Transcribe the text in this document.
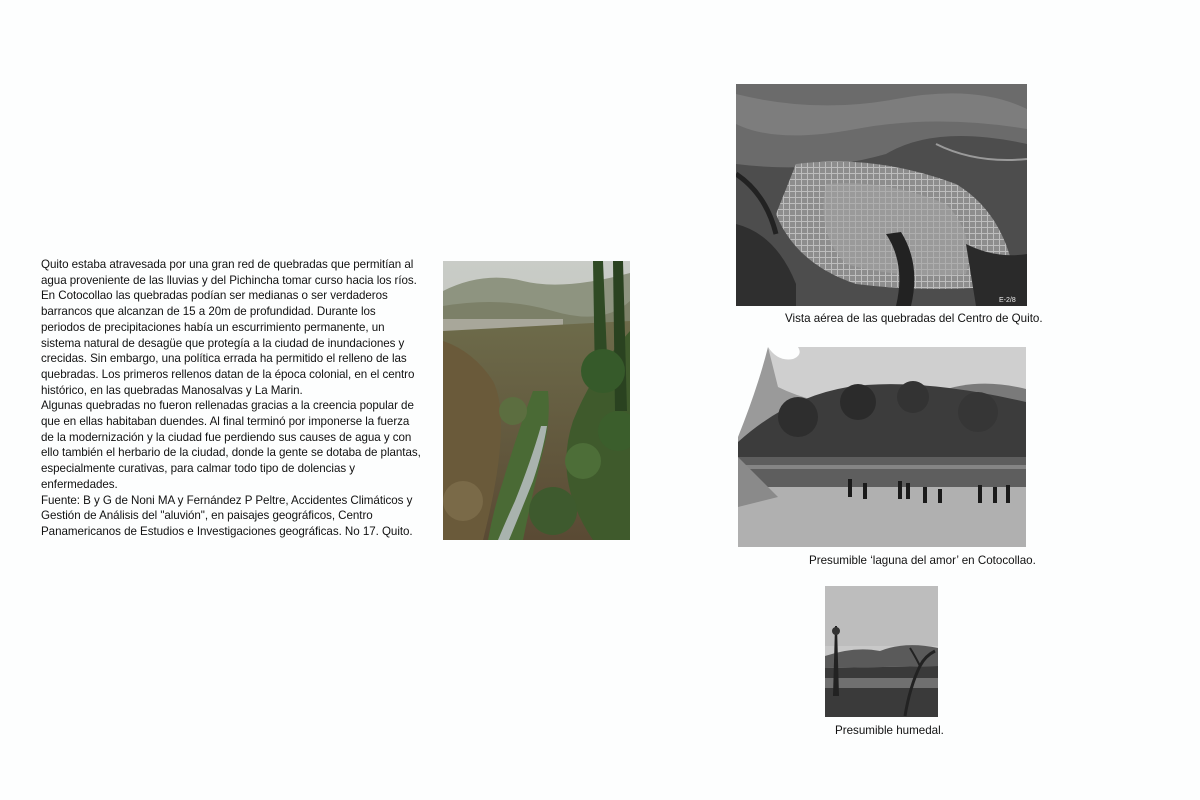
Quito estaba atravesada por una gran red de quebradas que permitían al agua proveniente de las lluvias y del Pichincha tomar curso hacia los ríos. En Cotocollao las quebradas podían ser medianas o ser verdaderos barrancos que alcanzan de 15 a 20m de profundidad. Durante los periodos de precipitaciones había un escurrimiento permanente, un sistema natural de desagüe que protegía a la ciudad de inundaciones y crecidas. Sin embargo, una política errada ha permitido el relleno de las quebradas. Los primeros rellenos datan de la época colonial, en el centro histórico, en las quebradas Manosalvas y La Marin.

Algunas quebradas no fueron rellenadas gracias a la creencia popular de que en ellas habitaban duendes. Al final terminó por imponerse la fuerza de la modernización y la ciudad fue perdiendo sus causes de agua y con ello también el herbario de la ciudad, donde la gente se dotaba de plantas, especialmente curativas, para calmar todo tipo de dolencias y enfermedades.

Fuente: B y G de Noni MA y Fernández P Peltre, Accidentes Climáticos y Gestión de Análisis del "aluvión", en paisajes geográficos, Centro Panamericanos de Estudios e Investigaciones geográficas. No 17. Quito.

E-2/8
Vista aérea de las quebradas del Centro de Quito.
Presumible ‘laguna del amor’ en Cotocollao.
Presumible humedal.
